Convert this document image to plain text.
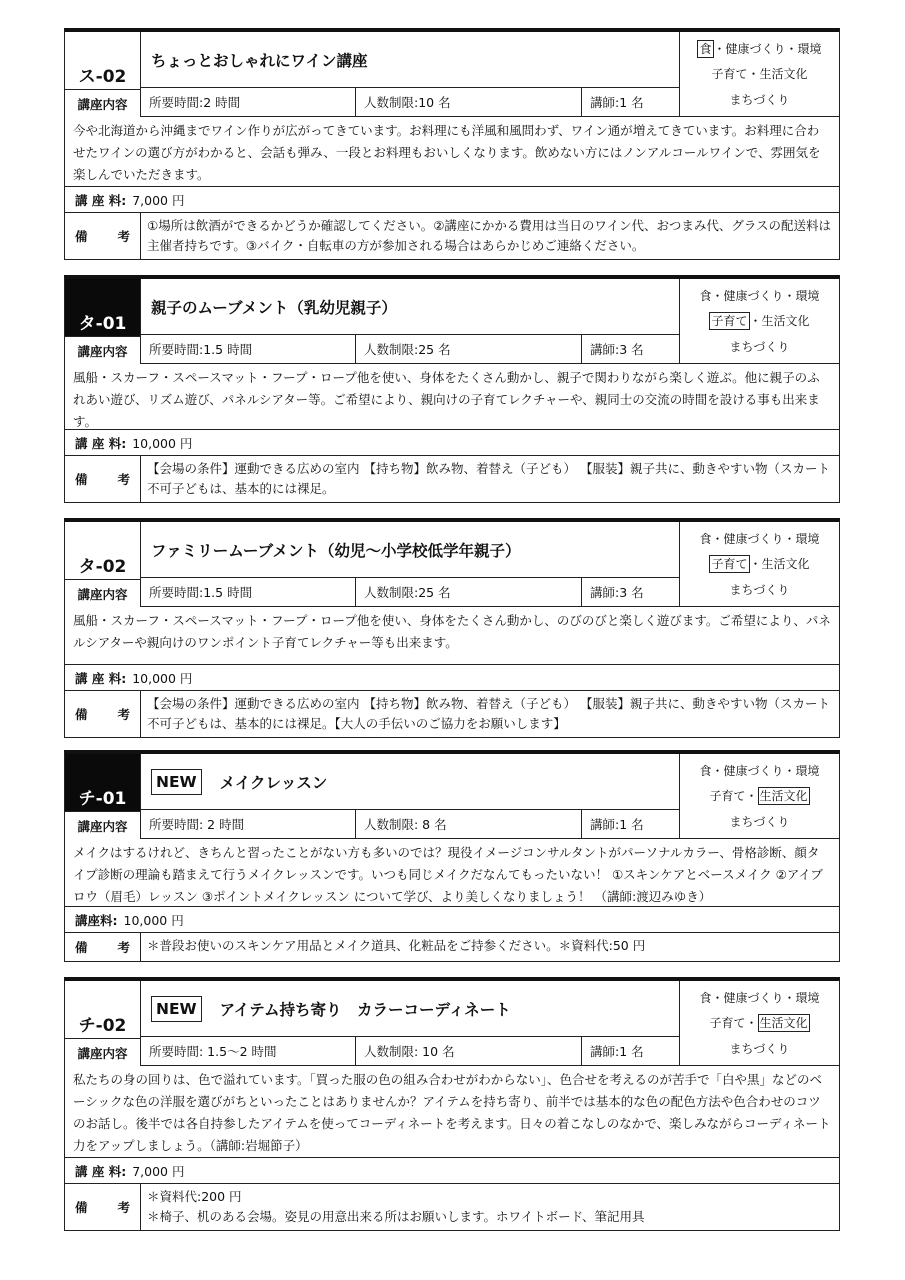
ス-02
ちょっとおしゃれにワイン講座
所要時間:2 時間	人数制限:10 名	講師:1 名
食 ・健康づくり・環境
子育て・生活文化
まちづくり
講座内容
今や北海道から沖縄までワイン作りが広がってきています。お料理にも洋風和風問わず、ワイン通が増えてきています。お料理に合わせたワインの選び方がわかると、会話も弾み、一段とお料理もおいしくなります。飲めない方にはノンアルコールワインで、雰囲気を楽しんでいただきます。
講 座 料: 7,000 円
備 考
①場所は飲酒ができるかどうか確認してください。②講座にかかる費用は当日のワイン代、おつまみ代、グラスの配送料は主催者持ちです。③バイク・自転車の方が参加される場合はあらかじめご連絡ください。
タ-01
親子のムーブメント（乳幼児親子）
所要時間:1.5 時間	人数制限:25 名	講師:3 名
食・健康づくり・環境
子育て ・生活文化
まちづくり
講座内容
風船・スカーフ・スペースマット・フープ・ロープ他を使い、身体をたくさん動かし、親子で関わりながら楽しく遊ぶ。他に親子のふれあい遊び、リズム遊び、パネルシアター等。ご希望により、親向けの子育てレクチャーや、親同士の交流の時間を設ける事も出来ます。
講 座 料: 10,000 円
備 考
【会場の条件】運動できる広めの室内 【持ち物】飲み物、着替え（子ども） 【服装】親子共に、動きやすい物（スカート不可子どもは、基本的には裸足。
タ-02
ファミリームーブメント（幼児～小学校低学年親子）
所要時間:1.5 時間	人数制限:25 名	講師:3 名
食・健康づくり・環境
子育て ・生活文化
まちづくり
講座内容
風船・スカーフ・スペースマット・フープ・ロープ他を使い、身体をたくさん動かし、のびのびと楽しく遊びます。ご希望により、パネルシアターや親向けのワンポイント子育てレクチャー等も出来ます。
講 座 料: 10,000 円
備 考
【会場の条件】運動できる広めの室内 【持ち物】飲み物、着替え（子ども） 【服装】親子共に、動きやすい物（スカート不可子どもは、基本的には裸足。【大人の手伝いのご協力をお願いします】
チ-01
NEW	メイクレッスン
所要時間: 2 時間	人数制限: 8 名	講師:1 名
食・健康づくり・環境
子育て・ 生活文化
まちづくり
講座内容
メイクはするけれど、きちんと習ったことがない方も多いのでは？現役イメージコンサルタントがパーソナルカラー、骨格診断、顔タイプ診断の理論も踏まえて行うメイクレッスンです。いつも同じメイクだなんてもったいない！ ①スキンケアとベースメイク ②アイブロウ（眉毛）レッスン ③ポイントメイクレッスン について学び、より美しくなりましょう！ （講師:渡辺みゆき）
講座料: 10,000 円
備 考 ＊普段お使いのスキンケア用品とメイク道具、化粧品をご持参ください。＊資料代:50 円
チ-02
NEW	アイテム持ち寄り　カラーコーディネート
所要時間: 1.5～2 時間	人数制限: 10 名	講師:1 名
食・健康づくり・環境
子育て・ 生活文化
まちづくり
講座内容
私たちの身の回りは、色で溢れています。「買った服の色の組み合わせがわからない」、色合せを考えるのが苦手で「白や黒」などのベーシックな色の洋服を選びがちといったことはありませんか？アイテムを持ち寄り、前半では基本的な色の配色方法や色合わせのコツのお話し。後半では各自持参したアイテムを使ってコーディネートを考えます。日々の着こなしのなかで、楽しみながらコーディネート力をアップしましょう。（講師:岩堀節子）
講 座 料: 7,000 円
備 考
＊資料代:200 円
＊椅子、机のある会場。姿見の用意出来る所はお願いします。ホワイトボード、筆記用具
